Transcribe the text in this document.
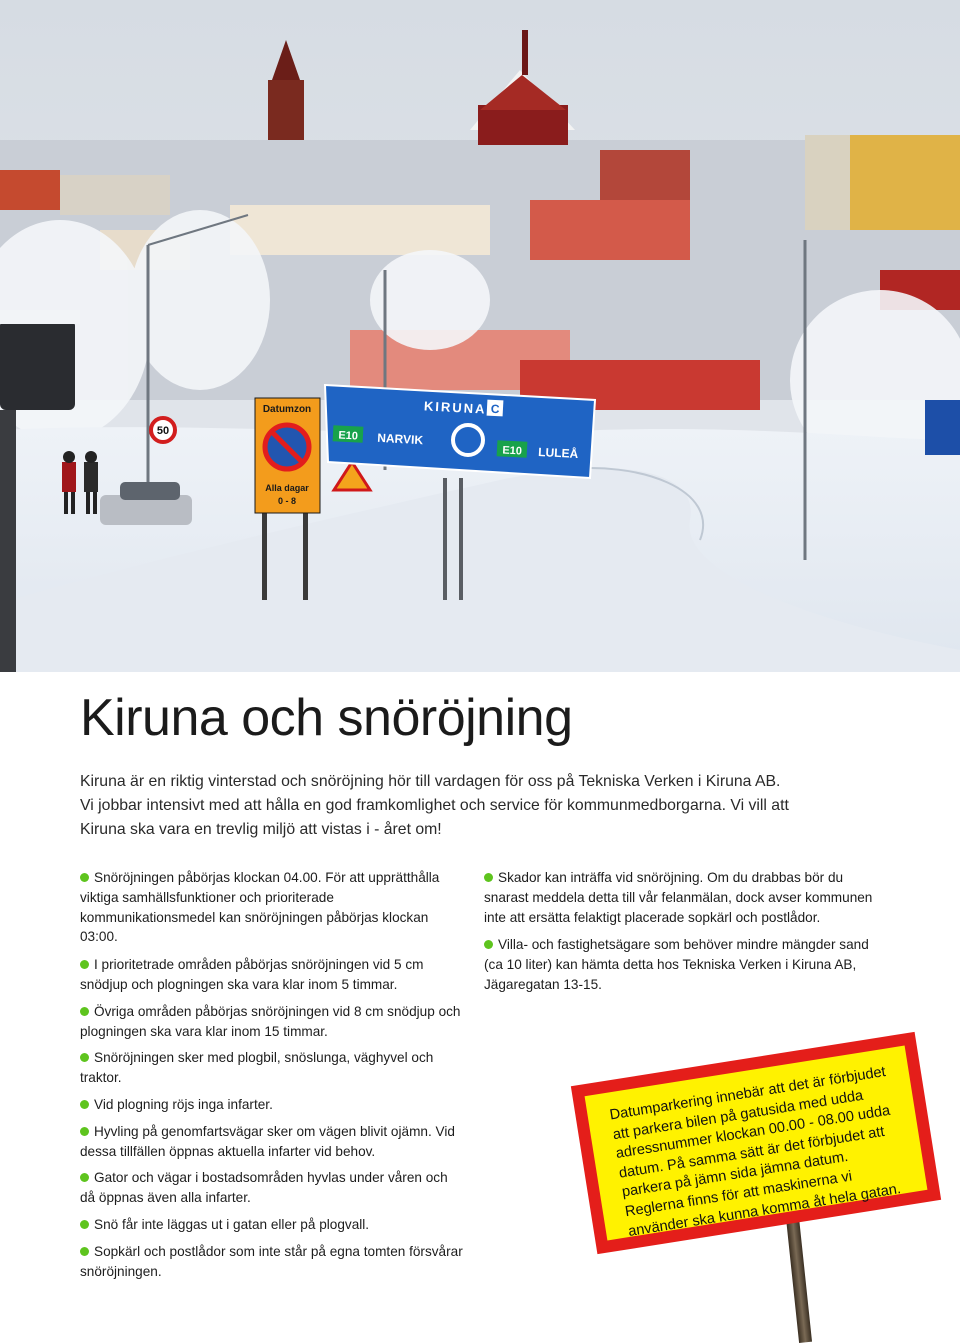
50
Datumzon
Alla dagar
0 - 8
KIRUNA C
E10 NARVIK
E10 LULEÅ
Kiruna och snöröjning

Kiruna är en riktig vinterstad och snöröjning hör till vardagen för oss på Tekniska Verken i Kiruna AB.

Vi jobbar intensivt med att hålla en god framkomlighet och service för kommunmedborgarna. Vi vill att

Kiruna ska vara en trevlig miljö att vistas i - året om!

Snöröjningen påbörjas klockan 04.00. För att upprätthålla viktiga samhällsfunktioner och prioriterade kommunikationsmedel kan snöröjningen påbörjas klockan 03:00.
I prioritetrade områden påbörjas snöröjningen vid 5 cm snödjup och plogningen ska vara klar inom 5 timmar.
Övriga områden påbörjas snöröjningen vid 8 cm snödjup och plogningen ska vara klar inom 15 timmar.
Snöröjningen sker med plogbil, snöslunga, väghyvel och traktor.
Vid plogning röjs inga infarter.
Hyvling på genomfartsvägar sker om vägen blivit ojämn. Vid dessa tillfällen öppnas aktuella infarter vid behov.
Gator och vägar i bostadsområden hyvlas under våren och då öppnas även alla infarter.
Snö får inte läggas ut i gatan eller på plogvall.
Sopkärl och postlådor som inte står på egna tomten försvårar snöröjningen.
Skador kan inträffa vid snöröjning. Om du drabbas bör du snarast meddela detta till vår felanmälan, dock avser kommunen inte att ersätta felaktigt placerade sopkärl och postlådor.
Villa- och fastighetsägare som behöver mindre mängder sand (ca 10 liter) kan hämta detta hos Tekniska Verken i Kiruna AB, Jägaregatan 13-15.
Datumparkering innebär att det är förbjudet att parkera bilen på gatusida med udda adressnummer klockan 00.00 - 08.00 udda datum. På samma sätt är det förbjudet att parkera på jämn sida jämna datum. Reglerna finns för att maskinerna vi använder ska kunna komma åt hela gatan.
